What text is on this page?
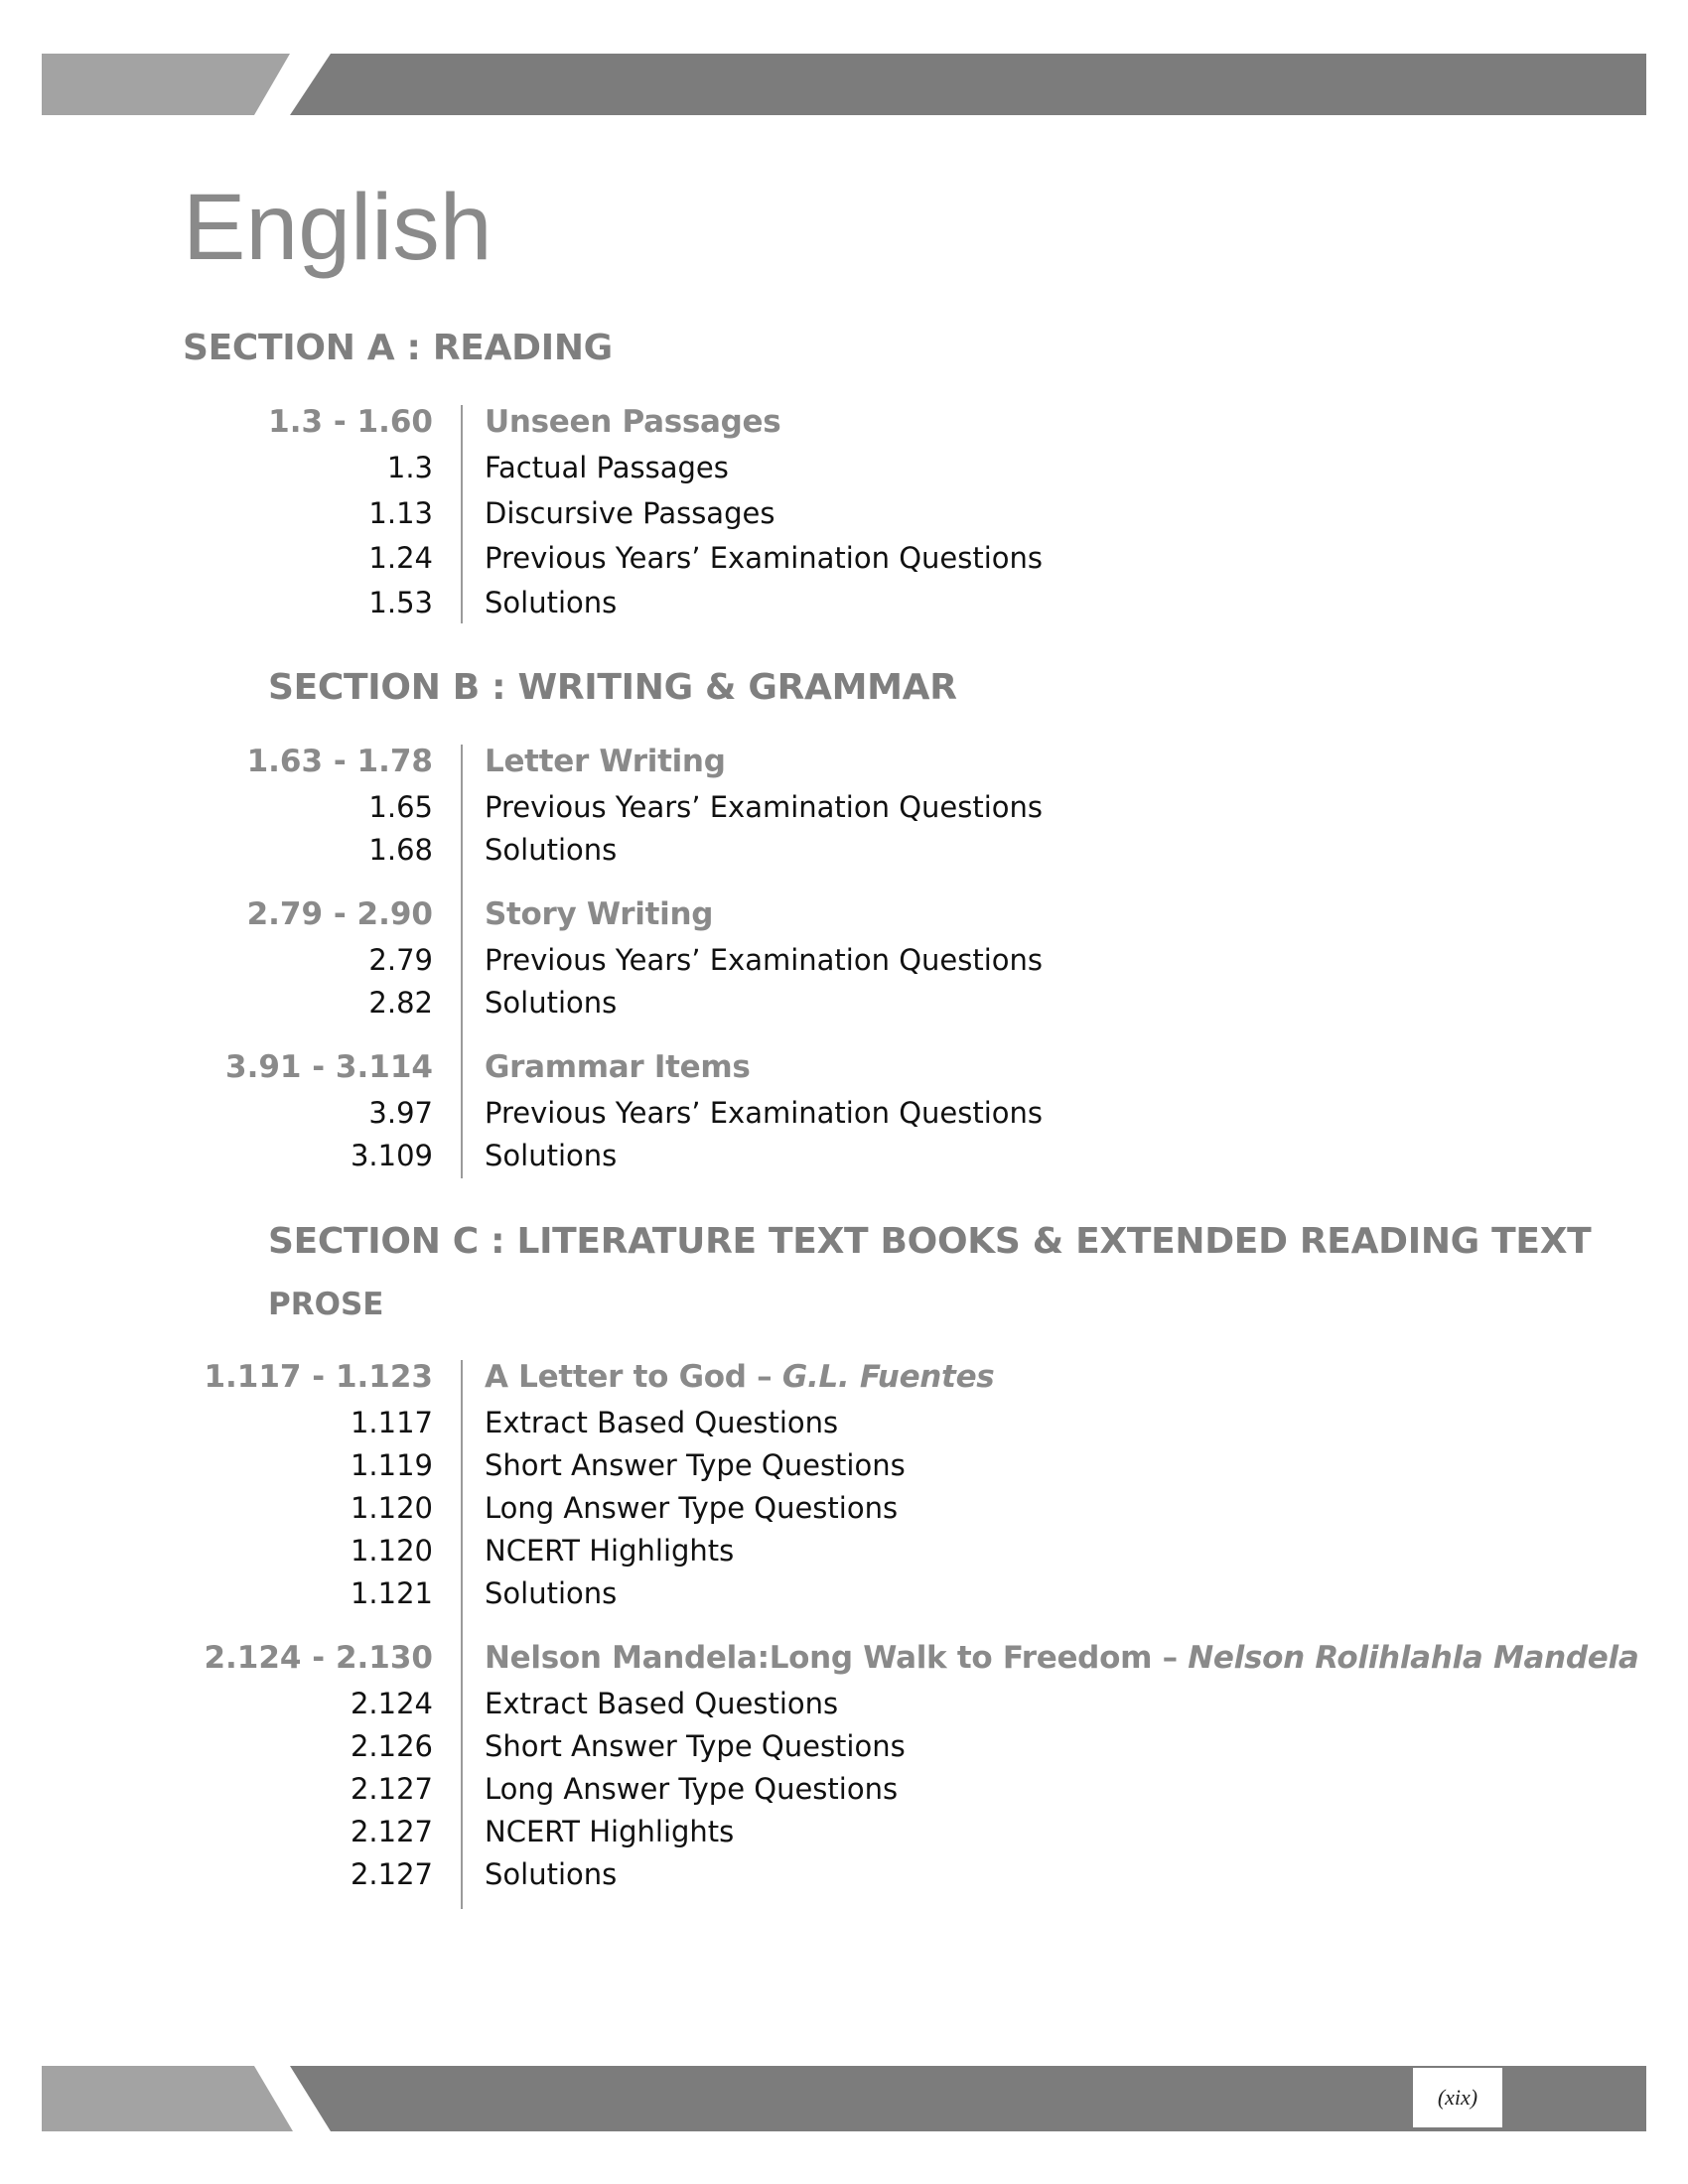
English
SECTION A : READING
1.3 - 1.60 Unseen Passages
1.3 Factual Passages
1.13 Discursive Passages
1.24 Previous Years’ Examination Questions
1.53 Solutions
SECTION B : WRITING & GRAMMAR
1.63 - 1.78 Letter Writing
1.65 Previous Years’ Examination Questions
1.68 Solutions
2.79 - 2.90 Story Writing
2.79 Previous Years’ Examination Questions
2.82 Solutions
3.91 - 3.114 Grammar Items
3.97 Previous Years’ Examination Questions
3.109 Solutions
SECTION C : LITERATURE TEXT BOOKS & EXTENDED READING TEXT
PROSE
1.117 - 1.123 A Letter to God – G.L. Fuentes
1.117 Extract Based Questions
1.119 Short Answer Type Questions
1.120 Long Answer Type Questions
1.120 NCERT Highlights
1.121 Solutions
2.124 - 2.130 Nelson Mandela:Long Walk to Freedom – Nelson Rolihlahla Mandela
2.124 Extract Based Questions
2.126 Short Answer Type Questions
2.127 Long Answer Type Questions
2.127 NCERT Highlights
2.127 Solutions
(xix)
